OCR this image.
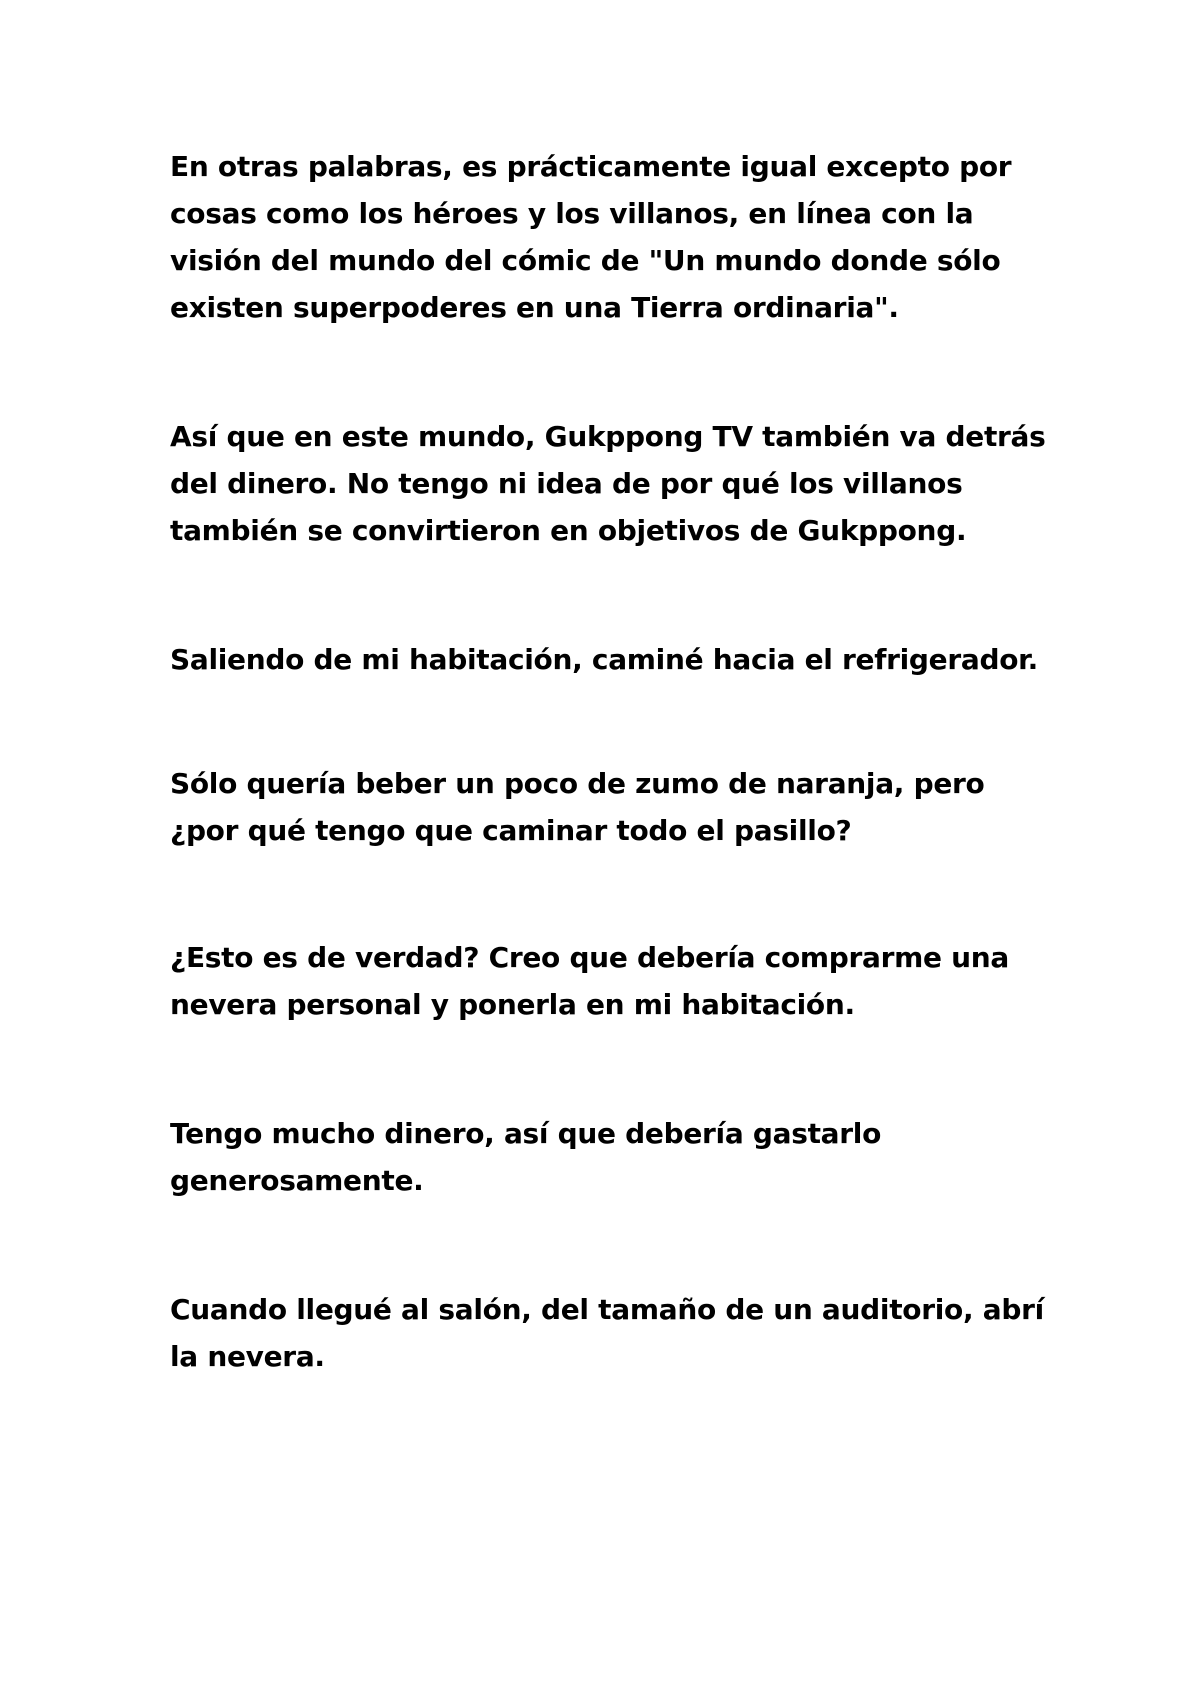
En otras palabras, es prácticamente igual excepto por
cosas como los héroes y los villanos, en línea con la
visión del mundo del cómic de "Un mundo donde sólo
existen superpoderes en una Tierra ordinaria".

Así que en este mundo, Gukppong TV también va detrás
del dinero. No tengo ni idea de por qué los villanos
también se convirtieron en objetivos de Gukppong.

Saliendo de mi habitación, caminé hacia el refrigerador.

Sólo quería beber un poco de zumo de naranja, pero
¿por qué tengo que caminar todo el pasillo?

¿Esto es de verdad? Creo que debería comprarme una
nevera personal y ponerla en mi habitación.

Tengo mucho dinero, así que debería gastarlo
generosamente.

Cuando llegué al salón, del tamaño de un auditorio, abrí
la nevera.
